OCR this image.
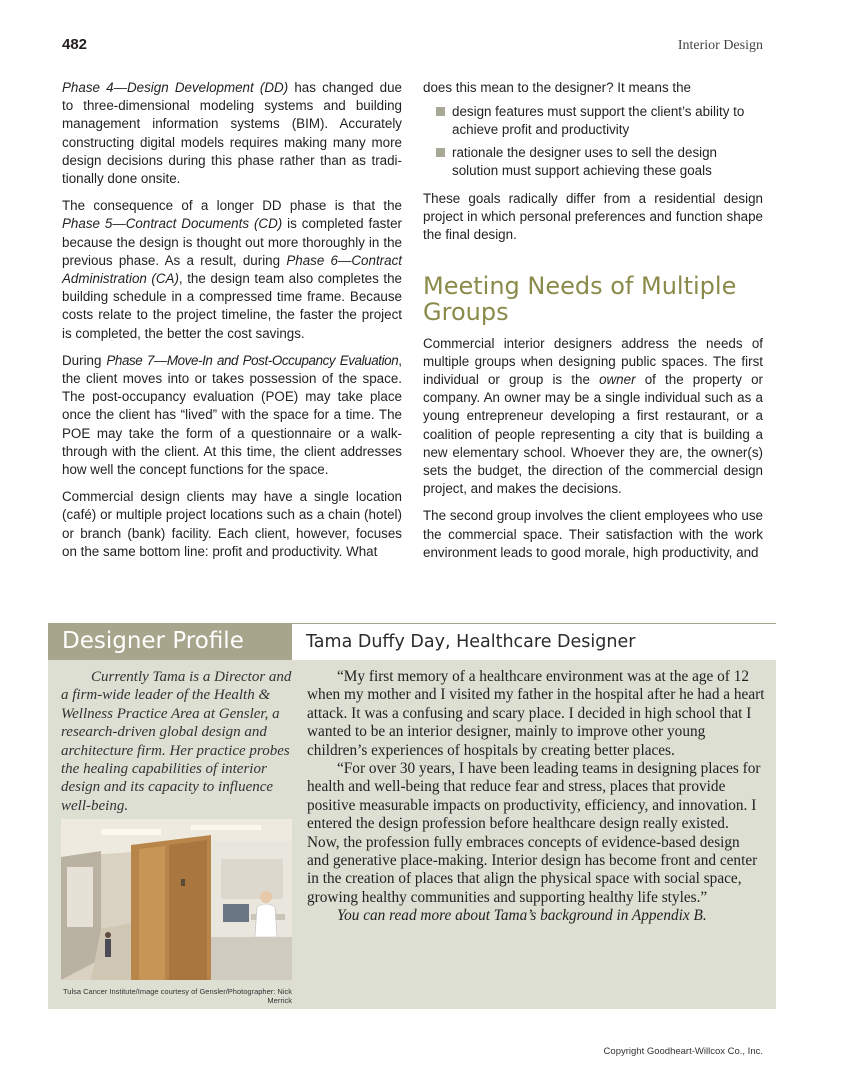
482	Interior Design

Phase 4—Design Development (DD) has changed due to three-dimensional modeling systems and building management information systems (BIM). Accurately constructing digital models requires making many more design decisions during this phase rather than as traditionally done onsite.

The consequence of a longer DD phase is that the Phase 5—Contract Documents (CD) is completed faster because the design is thought out more thoroughly in the previous phase. As a result, during Phase 6—Contract Administration (CA), the design team also completes the building schedule in a compressed time frame. Because costs relate to the project timeline, the faster the project is completed, the better the cost savings.

During Phase 7—Move-In and Post-Occupancy Evaluation, the client moves into or takes possession of the space. The post-occupancy evaluation (POE) may take place once the client has “lived” with the space for a time. The POE may take the form of a questionnaire or a walk-through with the client. At this time, the client addresses how well the concept functions for the space.

Commercial design clients may have a single location (café) or multiple project locations such as a chain (hotel) or branch (bank) facility. Each client, however, focuses on the same bottom line: profit and productivity. What

does this mean to the designer? It means the

design features must support the client’s ability to achieve profit and productivity
rationale the designer uses to sell the design solution must support achieving these goals

These goals radically differ from a residential design project in which personal preferences and function shape the final design.

Meeting Needs of Multiple Groups

Commercial interior designers address the needs of multiple groups when designing public spaces. The first individual or group is the owner of the property or company. An owner may be a single individual such as a young entrepreneur developing a first restaurant, or a coalition of people representing a city that is building a new elementary school. Whoever they are, the owner(s) sets the budget, the direction of the commercial design project, and makes the decisions.

The second group involves the client employees who use the commercial space. Their satisfaction with the work environment leads to good morale, high productivity, and

Designer Profile	Tama Duffy Day, Healthcare Designer

Currently Tama is a Director and a firm-wide leader of the Health & Wellness Practice Area at Gensler, a research-driven global design and architecture firm. Her practice probes the healing capabilities of interior design and its capacity to influence well-being.

Tulsa Cancer Institute/Image courtesy of Gensler/Photographer: Nick Merrick

“My first memory of a healthcare environment was at the age of 12 when my mother and I visited my father in the hospital after he had a heart attack. It was a confusing and scary place. I decided in high school that I wanted to be an interior designer, mainly to improve other young children’s experiences of hospitals by creating better places.

“For over 30 years, I have been leading teams in designing places for health and well-being that reduce fear and stress, places that provide positive measurable impacts on productivity, efficiency, and innovation. I entered the design profession before healthcare design really existed. Now, the profession fully embraces concepts of evidence-based design and generative place-making. Interior design has become front and center in the creation of places that align the physical space with social space, growing healthy communities and supporting healthy life styles.”

You can read more about Tama’s background in Appendix B.

Copyright Goodheart-Willcox Co., Inc.
